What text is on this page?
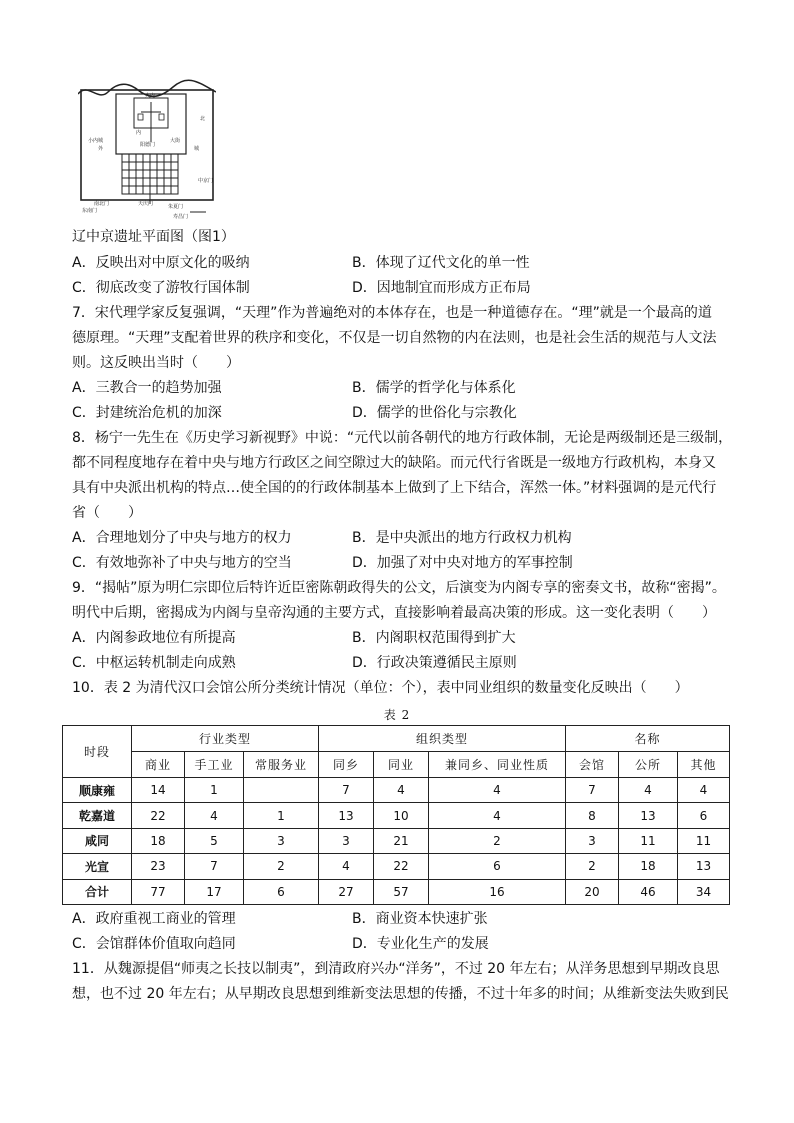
大内
内
外	城
小内城	大街
阳德门
中京门
南北门	天庆门	朱夏门
东南门
寿昌门
北
辽中京遗址平面图（图1）
A．反映出对中原文化的吸纳	B．体现了辽代文化的单一性
C．彻底改变了游牧行国体制	D．因地制宜而形成方正布局
7．宋代理学家反复强调，“天理”作为普遍绝对的本体存在，也是一种道德存在。“理”就是一个最高的道
德原理。“天理”支配着世界的秩序和变化，不仅是一切自然物的内在法则，也是社会生活的规范与人文法
则。这反映出当时（　　）
A．三教合一的趋势加强	B．儒学的哲学化与体系化
C．封建统治危机的加深	D．儒学的世俗化与宗教化
8．杨宁一先生在《历史学习新视野》中说：“元代以前各朝代的地方行政体制，无论是两级制还是三级制，
都不同程度地存在着中央与地方行政区之间空隙过大的缺陷。而元代行省既是一级地方行政机构，本身又
具有中央派出机构的特点…使全国的的行政体制基本上做到了上下结合，浑然一体。”材料强调的是元代行
省（　　）
A．合理地划分了中央与地方的权力	B．是中央派出的地方行政权力机构
C．有效地弥补了中央与地方的空当	D．加强了对中央对地方的军事控制
9．“揭帖”原为明仁宗即位后特许近臣密陈朝政得失的公文，后演变为内阁专享的密奏文书，故称“密揭”。
明代中后期，密揭成为内阁与皇帝沟通的主要方式，直接影响着最高决策的形成。这一变化表明（　　）
A．内阁参政地位有所提高	B．内阁职权范围得到扩大
C．中枢运转机制走向成熟	D．行政决策遵循民主原则
10．表 2 为清代汉口会馆公所分类统计情况（单位：个），表中同业组织的数量变化反映出（　　）
表 2
时段	行业类型			组织类型			名称		
	商业	手工业	常服务业	同乡	同业	兼同乡、同业性质	会馆	公所	其他
顺康雍	14	1		7	4	4	7	4	4
乾嘉道	22	4	1	13	10	4	8	13	6
咸同	18	5	3	3	21	2	3	11	11
光宣	23	7	2	4	22	6	2	18	13
合计	77	17	6	27	57	16	20	46	34
A．政府重视工商业的管理	B．商业资本快速扩张
C．会馆群体价值取向趋同	D．专业化生产的发展
11．从魏源提倡“师夷之长技以制夷”，到清政府兴办“洋务”，不过 20 年左右；从洋务思想到早期改良思
想，也不过 20 年左右；从早期改良思想到维新变法思想的传播，不过十年多的时间；从维新变法失败到民
